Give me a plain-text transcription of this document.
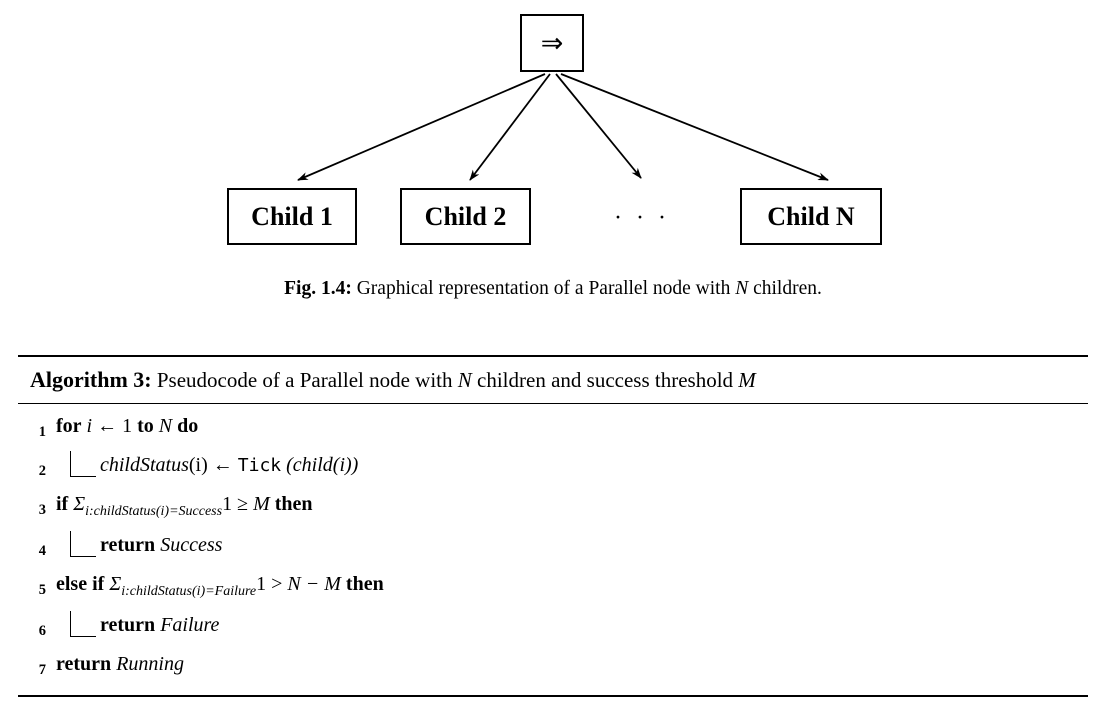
⇒
Child 1	Child 2	· · ·	Child N
Fig. 1.4: Graphical representation of a Parallel node with N children.
Algorithm 3: Pseudocode of a Parallel node with N children and success threshold M
1 for i ← 1 to N do
2	childStatus(i) ← Tick (child(i))
3 if $\Sigma_{i:childStatus(i)=Success}1 \ge M$ then
4	return Success
5 else if $\Sigma_{i:childStatus(i)=Failure}1 > N - M$ then
6	return Failure
7 return Running
